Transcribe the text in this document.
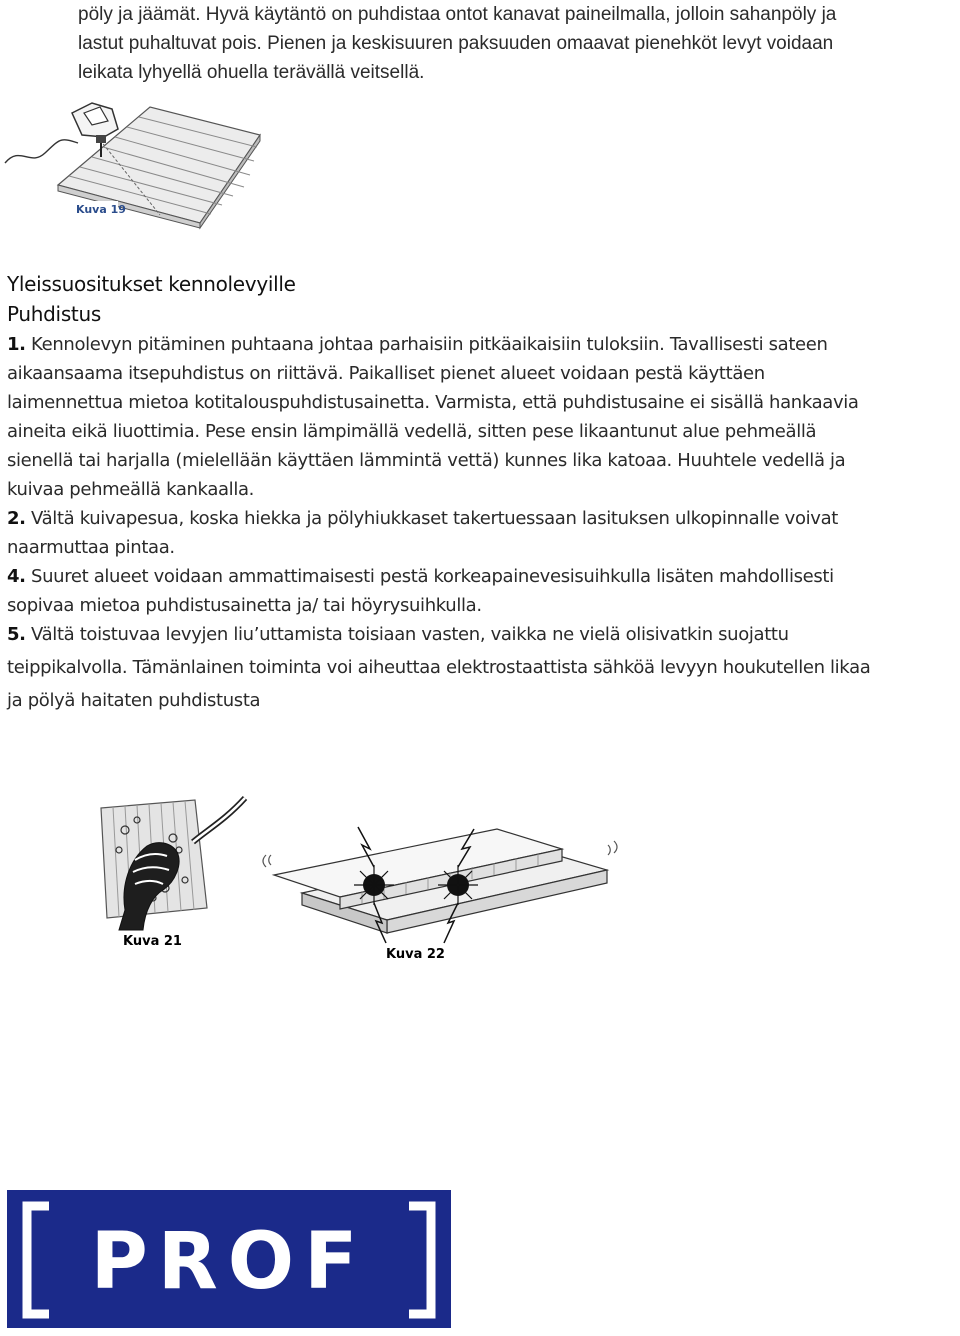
pöly ja jäämät. Hyvä käytäntö on puhdistaa ontot kanavat paineilmalla, jolloin sahanpöly ja
lastut puhaltuvat pois. Pienen ja keskisuuren paksuuden omaavat pienehköt levyt voidaan
leikata lyhyellä ohuella terävällä veitsellä.

Kuva 19
Yleissuositukset kennolevyille
Puhdistus
1. Kennolevyn pitäminen puhtaana johtaa parhaisiin pitkäaikaisiin tuloksiin. Tavallisesti sateen
aikaansaama itsepuhdistus on riittävä. Paikalliset pienet alueet voidaan pestä käyttäen
laimennettua mietoa kotitalouspuhdistusainetta. Varmista, että puhdistusaine ei sisällä hankaavia
aineita eikä liuottimia. Pese ensin lämpimällä vedellä, sitten pese likaantunut alue pehmeällä
sienellä tai harjalla (mielellään käyttäen lämmintä vettä) kunnes lika katoaa. Huuhtele vedellä ja
kuivaa pehmeällä kankaalla.
2. Vältä kuivapesua, koska hiekka ja pölyhiukkaset takertuessaan lasituksen ulkopinnalle voivat
naarmuttaa pintaa.
4. Suuret alueet voidaan ammattimaisesti pestä korkeapainevesisuihkulla lisäten mahdollisesti
sopivaa mietoa puhdistusainetta ja/ tai höyrysuihkulla.
5. Vältä toistuvaa levyjen liu’uttamista toisiaan vasten, vaikka ne vielä olisivatkin suojattu
teippikalvolla. Tämänlainen toiminta voi aiheuttaa elektrostaattista sähköä levyyn houkutellen likaa
ja pölyä haitaten puhdistusta
Kuva 21
Kuva 22
PROF
